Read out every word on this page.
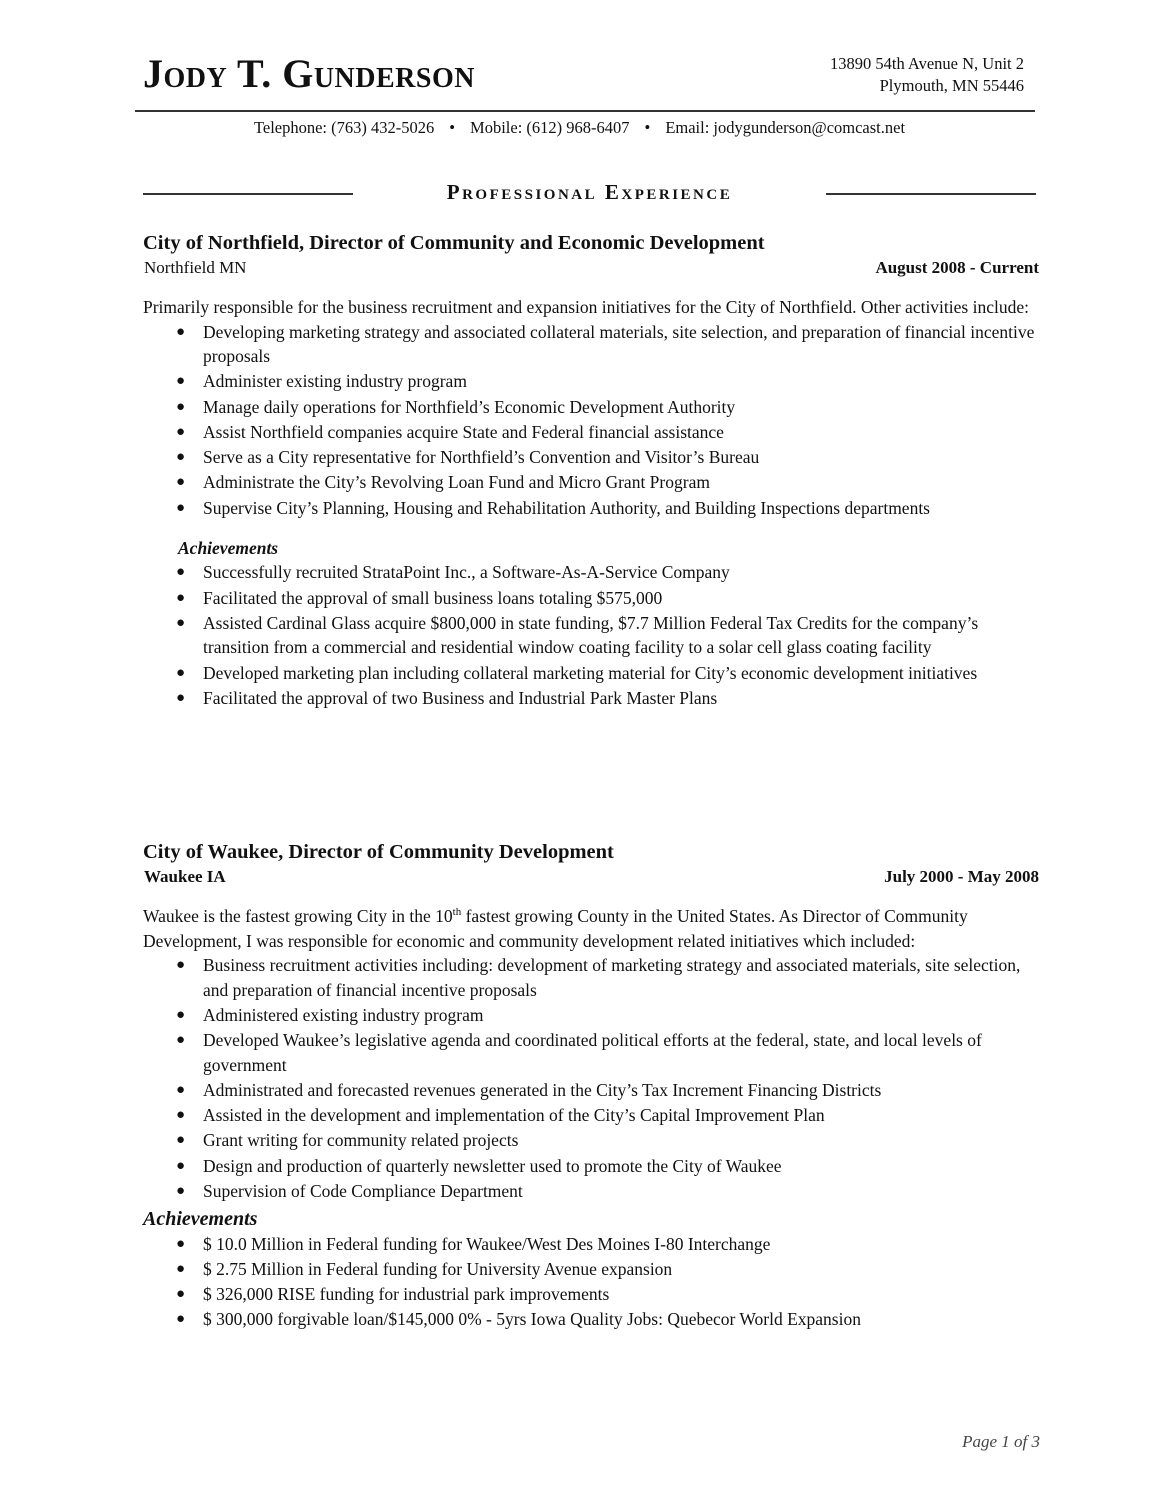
Jody T. Gunderson	13890 54th Avenue N, Unit 2
Plymouth, MN 55446
Telephone: (763) 432-5026 • Mobile: (612) 968-6407 • Email: jodygunderson@comcast.net
Professional Experience
City of Northfield, Director of Community and Economic Development
Northfield MN	August 2008 - Current

Primarily responsible for the business recruitment and expansion initiatives for the City of Northfield. Other activities include:

● Developing marketing strategy and associated collateral materials, site selection, and preparation of financial incentive proposals
● Administer existing industry program
● Manage daily operations for Northfield’s Economic Development Authority
● Assist Northfield companies acquire State and Federal financial assistance
● Serve as a City representative for Northfield’s Convention and Visitor’s Bureau
● Administrate the City’s Revolving Loan Fund and Micro Grant Program
● Supervise City’s Planning, Housing and Rehabilitation Authority, and Building Inspections departments
Achievements
● Successfully recruited StrataPoint Inc., a Software-As-A-Service Company
● Facilitated the approval of small business loans totaling $575,000
● Assisted Cardinal Glass acquire $800,000 in state funding, $7.7 Million Federal Tax Credits for the company’s transition from a commercial and residential window coating facility to a solar cell glass coating facility
● Developed marketing plan including collateral marketing material for City’s economic development initiatives
● Facilitated the approval of two Business and Industrial Park Master Plans
City of Waukee, Director of Community Development
Waukee IA	July 2000 - May 2008

Waukee is the fastest growing City in the 10th fastest growing County in the United States. As Director of Community Development, I was responsible for economic and community development related initiatives which included:

● Business recruitment activities including: development of marketing strategy and associated materials, site selection, and preparation of financial incentive proposals
● Administered existing industry program
● Developed Waukee’s legislative agenda and coordinated political efforts at the federal, state, and local levels of government
● Administrated and forecasted revenues generated in the City’s Tax Increment Financing Districts
● Assisted in the development and implementation of the City’s Capital Improvement Plan
● Grant writing for community related projects
● Design and production of quarterly newsletter used to promote the City of Waukee
● Supervision of Code Compliance Department
Achievements
● $ 10.0 Million in Federal funding for Waukee/West Des Moines I-80 Interchange
● $ 2.75 Million in Federal funding for University Avenue expansion
● $ 326,000 RISE funding for industrial park improvements
● $ 300,000 forgivable loan/$145,000 0% - 5yrs Iowa Quality Jobs: Quebecor World Expansion
Page 1 of 3
